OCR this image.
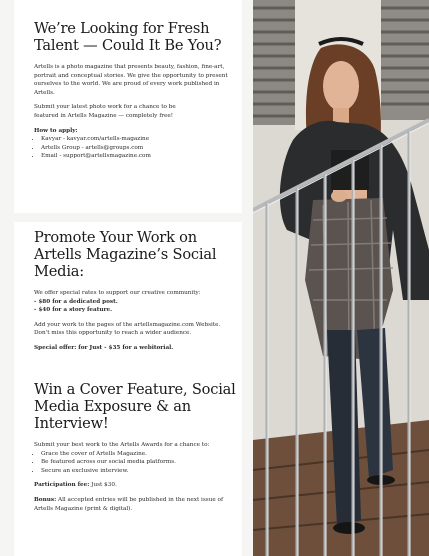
We’re Looking for Fresh Talent — Could It Be You?

Artells is a photo magazine that presents beauty, fashion, fine-art, portrait and conceptual stories. We give the opportunity to present ourselves to the world. We are proud of every work published in Artells.

Submit your latest photo work for a chance to be featured in Artells Magazine — completely free!

How to apply:

• Kavyar - kavyar.com/artells-magazine
• Artells Group - artells@groups.com
• Email - support@artellsmagazine.com
Promote Your Work on Artells Magazine’s Social Media:

We offer special rates to support our creative community:

- $80 for a dedicated post.

- $40 for a story feature.

Add your work to the pages of the artellsmagazine.com Website. Don't miss this opportunity to reach a wider audience.

Special offer: for Just - $35 for a webitorial.

Win a Cover Feature, Social Media Exposure & an Interview!

Submit your best work to the Artells Awards for a chance to:

• Grace the cover of Artells Magazine.
• Be featured across our social media platforms.
• Secure an exclusive interview.

Participation fee: Just $30.

Bonus: All accepted entries will be published in the next issue of Artells Magazine (print & digital).
